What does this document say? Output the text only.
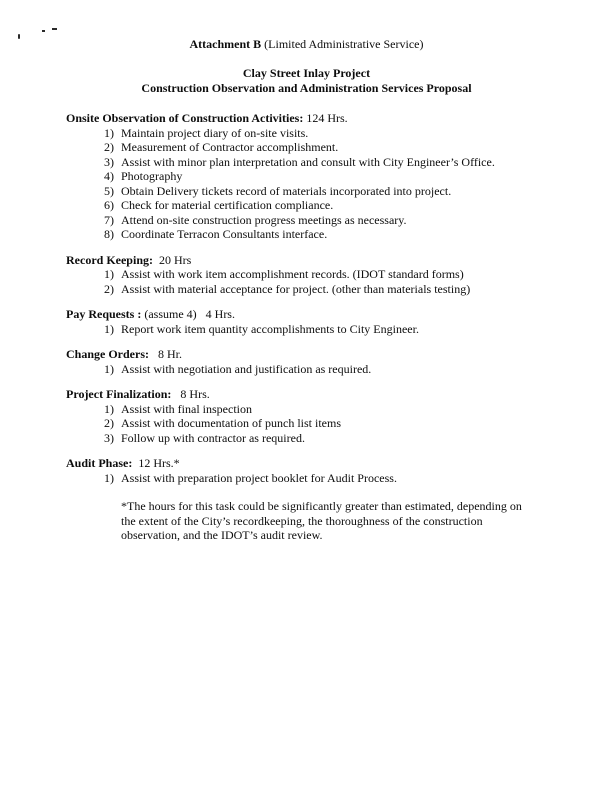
Attachment B (Limited Administrative Service)
Clay Street Inlay Project
Construction Observation and Administration Services Proposal
Onsite Observation of Construction Activities: 124 Hrs.
1) Maintain project diary of on-site visits.
2) Measurement of Contractor accomplishment.
3) Assist with minor plan interpretation and consult with City Engineer’s Office.
4) Photography
5) Obtain Delivery tickets record of materials incorporated into project.
6) Check for material certification compliance.
7) Attend on-site construction progress meetings as necessary.
8) Coordinate Terracon Consultants interface.
Record Keeping:  20 Hrs
1) Assist with work item accomplishment records. (IDOT standard forms)
2) Assist with material acceptance for project. (other than materials testing)
Pay Requests : (assume 4)   4 Hrs.
1) Report work item quantity accomplishments to City Engineer.
Change Orders:   8 Hr.
1) Assist with negotiation and justification as required.
Project Finalization:   8 Hrs.
1) Assist with final inspection
2) Assist with documentation of punch list items
3) Follow up with contractor as required.
Audit Phase:  12 Hrs.*
1) Assist with preparation project booklet for Audit Process.
*The hours for this task could be significantly greater than estimated, depending on
the extent of the City’s recordkeeping, the thoroughness of the construction
observation, and the IDOT’s audit review.
